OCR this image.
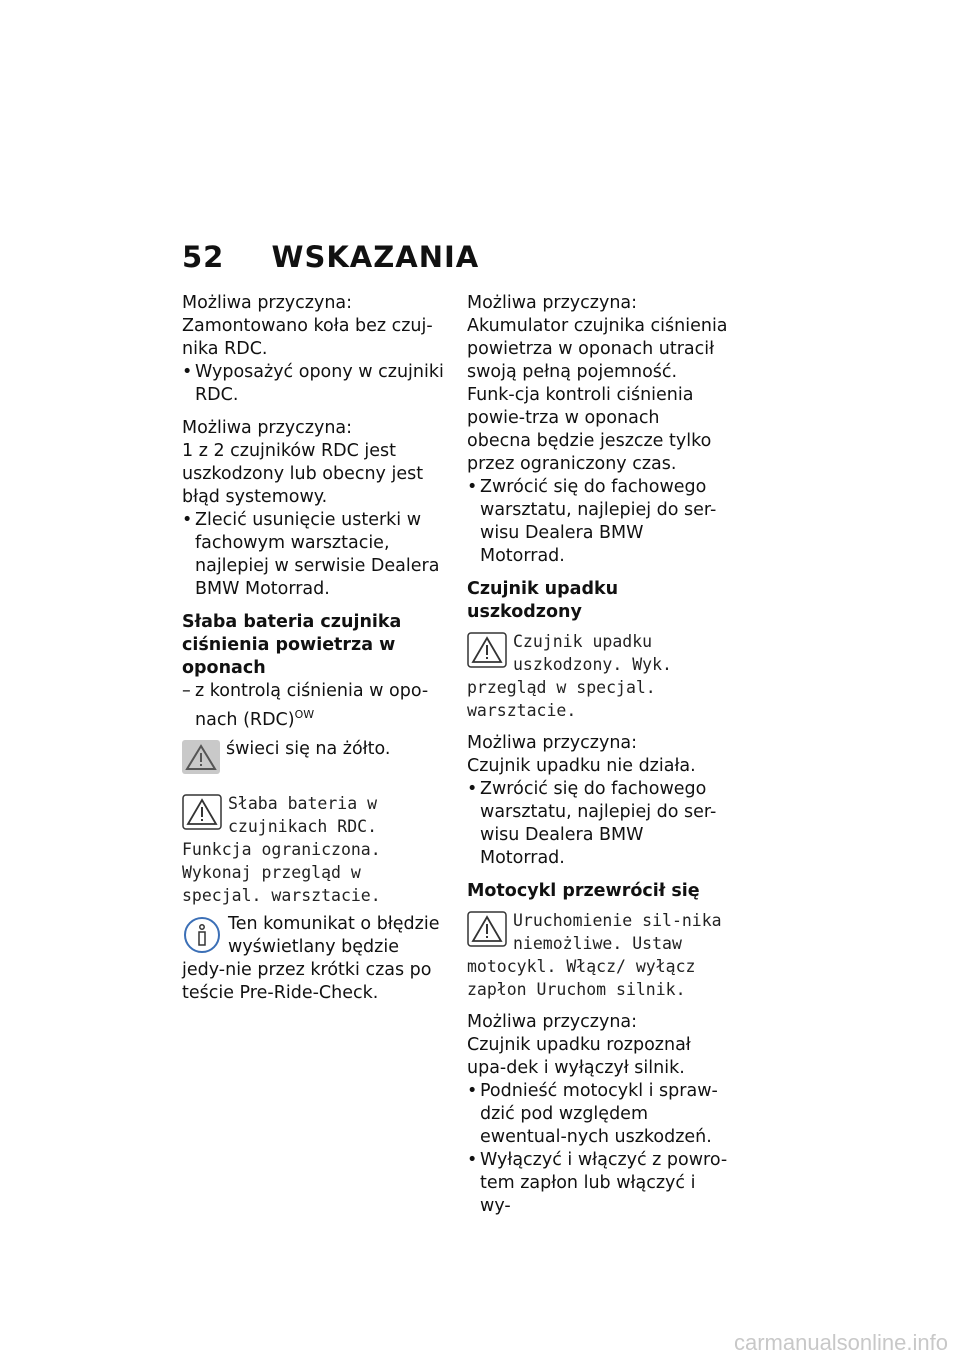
52 WSKAZANIA

Możliwa przyczyna:

Zamontowano koła bez czuj-nika RDC.

• Wyposażyć opony w czujniki RDC.

Możliwa przyczyna:

1 z 2 czujników RDC jest uszkodzony lub obecny jest błąd systemowy.

• Zlecić usunięcie usterki w fachowym warsztacie, najlepiej w serwisie Dealera BMW Motorrad.
Słaba bateria czujnika ciśnienia powietrza w oponach
– z kontrolą ciśnienia w opo-nach (RDC)$^{OW}$

świeci się na żółto.

Słaba bateria w czujnikach RDC. Funkcja ograniczona. Wykonaj przegląd w specjal. warsztacie.

Ten komunikat o błędzie wyświetlany będzie jedy-nie przez krótki czas po teście Pre-Ride-Check.

Możliwa przyczyna:

Akumulator czujnika ciśnienia powietrza w oponach utracił swoją pełną pojemność. Funk-cja kontroli ciśnienia powie-trza w oponach obecna będzie jeszcze tylko przez ograniczony czas.

• Zwrócić się do fachowego warsztatu, najlepiej do ser-wisu Dealera BMW Motorrad.
Czujnik upadku uszkodzony
Czujnik upadku uszkodzony. Wyk. przegląd w specjal. warsztacie.

Możliwa przyczyna:

Czujnik upadku nie działa.

• Zwrócić się do fachowego warsztatu, najlepiej do ser-wisu Dealera BMW Motorrad.
Motocykl przewrócił się
Uruchomienie sil-nika niemożliwe. Ustaw motocykl. Włącz/ wyłącz zapłon Uruchom silnik.

Możliwa przyczyna:

Czujnik upadku rozpoznał upa-dek i wyłączył silnik.

• Podnieść motocykl i spraw-dzić pod względem ewentual-nych uszkodzeń.
• Wyłączyć i włączyć z powro-tem zapłon lub włączyć i wy-
carmanualsonline.info
